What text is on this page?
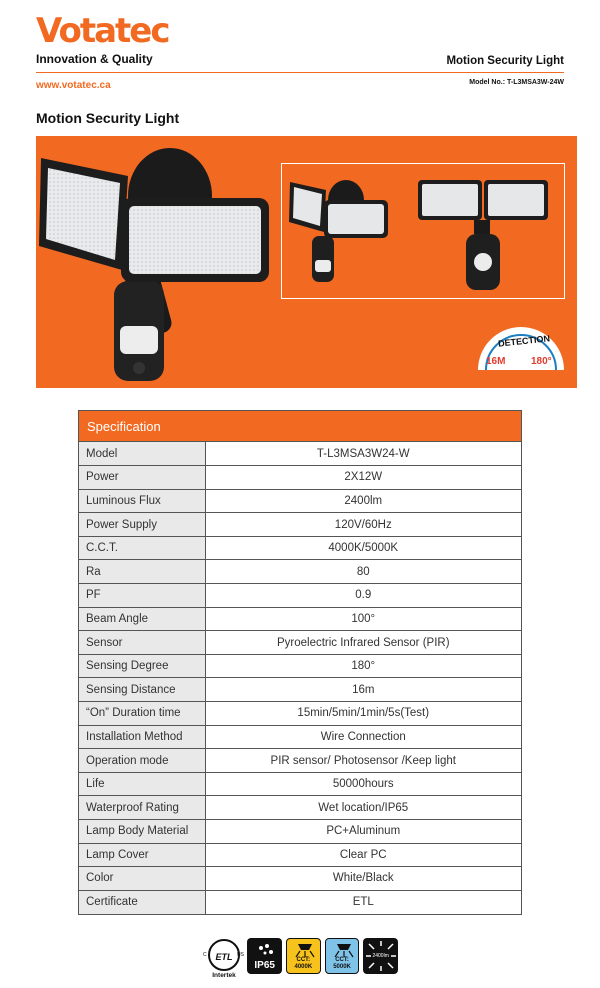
Votatec
Innovation & Quality
www.votatec.ca
Motion Security Light
Model No.: T-L3MSA3W-24W
Motion Security Light
DETECTION
16M	180°
Specification
Model	T-L3MSA3W24-W
Power	2X12W
Luminous Flux	2400lm
Power Supply	120V/60Hz
C.C.T.	4000K/5000K
Ra	80
PF	0.9
Beam Angle	100°
Sensor	Pyroelectric Infrared Sensor (PIR)
Sensing Degree	180°
Sensing Distance	16m
“On” Duration time	15min/5min/1min/5s(Test)
Installation Method	Wire Connection
Operation mode	PIR sensor/ Photosensor /Keep light
Life	50000hours
Waterproof Rating	Wet location/IP65
Lamp Body Material	PC+Aluminum
Lamp Cover	Clear PC
Color	White/Black
Certificate	ETL
ETL
C	US
Intertek
IP65	CCT: 4000K
CCT: 5000K
2400lm
